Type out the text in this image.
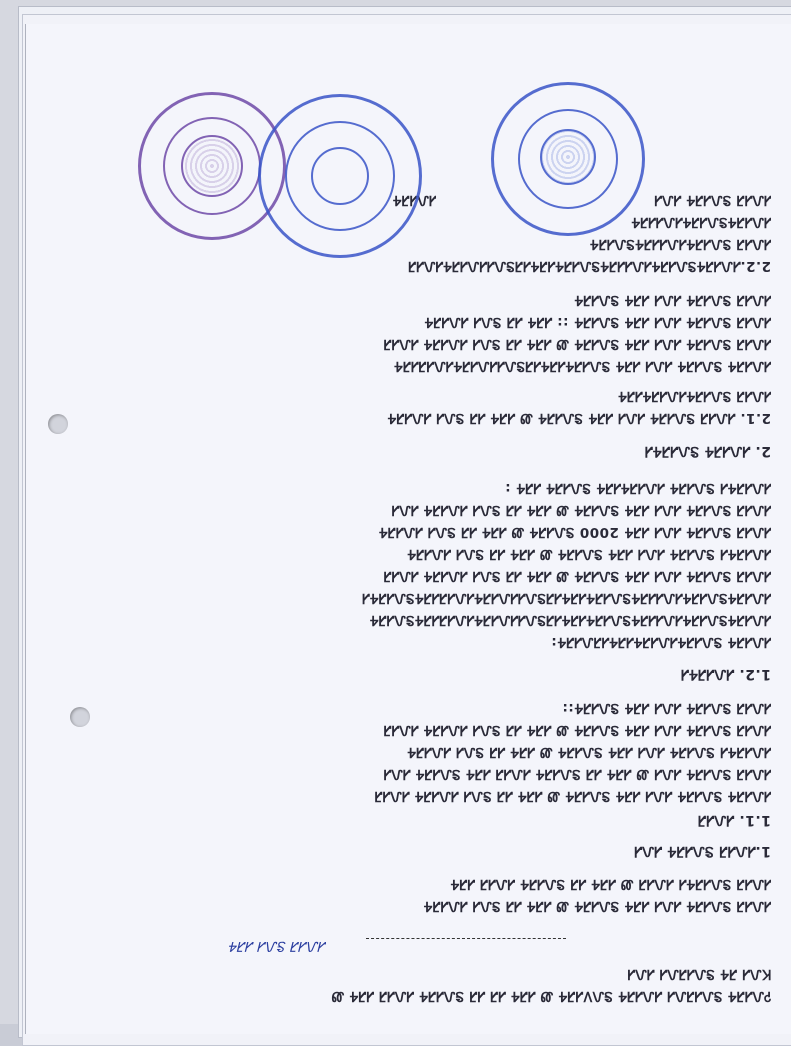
ᎮᏁᏗᏘᏎ ᏕᏁᏗᏘᏁᏗ ᏗᏁᏗᏘᏎ ᏕᏁᏙᏗᏘᏎ Ꮺ ᏗᏘᏎ ᏗᏘ ᏗᏘ ᏕᏁᏗᏘᏎ ᏗᏁᏗᏘ ᏗᏘᏎ Ꮺ
ᏦᏁᏗ ᏘᏎ ᏕᏁᏗᏘᏁᏗ ᏗᏁᏗ
ᏗᏁᏗᏘ ᏕᏁᏗ ᏗᏘᏎ
ᏗᏁᏗᏘ ᏕᏁᏗᏘᏎ ᏗᏁᏗ ᏗᏘᏎ ᏕᏁᏗᏘᏎ Ꮺ ᏗᏘᏎ ᏗᏘ ᏕᏁᏗ ᏗᏁᏗᏘᏎ
ᏗᏁᏗᏘ ᏕᏁᏗᏘᏎᏗ ᏗᏁᏗᏘ Ꮺ ᏗᏘᏎ ᏗᏘ ᏕᏁᏗᏘᏎ ᏗᏁᏗᏘ ᏗᏘᏎ
1.ᏗᏁᏗᏘ ᏕᏁᏗᏘᏎ ᏗᏁᏗ
1.1. ᏗᏁᏗᏘ
ᏗᏁᏗᏘᏎ ᏕᏁᏗᏘᏎ ᏗᏁᏗ ᏗᏘᏎ ᏕᏁᏗᏘᏎ Ꮺ ᏗᏘᏎ ᏗᏘ ᏕᏁᏗ ᏗᏁᏗᏘᏎ ᏗᏁᏗᏘ
ᏗᏁᏗᏘ ᏕᏁᏗᏘᏎ ᏗᏁᏗ Ꮺ ᏗᏘᏎ ᏗᏘ ᏕᏁᏗᏘᏎ ᏗᏁᏗᏘ ᏗᏘᏎ ᏕᏁᏗᏘᏎ ᏗᏁᏗ
ᏗᏁᏗᏘᏎᏗ ᏕᏁᏗᏘᏎ ᏗᏁᏗ ᏗᏘᏎ ᏕᏁᏗᏘᏎ Ꮺ ᏗᏘᏎ ᏗᏘ ᏕᏁᏗ ᏗᏁᏗᏘᏎ
ᏗᏁᏗᏘ ᏕᏁᏗᏘᏎ ᏗᏁᏗ ᏗᏘᏎ ᏕᏁᏗᏘᏎ Ꮺ ᏗᏘᏎ ᏗᏘ ᏕᏁᏗ ᏗᏁᏗᏘᏎ ᏗᏁᏗᏘ
ᏗᏁᏗᏘ ᏕᏁᏗᏘᏎ ᏗᏁᏗ ᏗᏘᏎ ᏕᏁᏗᏘᏎ::
1.2. ᏗᏁᏗᏘᏎᏗ
ᏗᏁᏗᏘᏎ ᏕᏁᏗᏘᏎᏗᏁᏗᏘᏎᏗᏘᏎᏗᏘᏁᏗᏘᏎ:
ᏗᏁᏗᏘᏎᏕᏁᏗᏘᏎᏗᏁᏗᏗᏘᏎᏕᏁᏗᏘᏎᏗᏘᏎᏗᏘᏕᏁᏗᏗᏁᏗᏘᏎᏗᏁᏗᏘᏗᏘᏎᏕᏁᏗᏘᏎ
ᏗᏁᏗᏘᏎᏕᏁᏗᏘᏎᏗᏁᏗᏗᏘᏎᏕᏁᏗᏘᏎᏗᏘᏎᏗᏘᏕᏁᏗᏗᏁᏗᏘᏎᏗᏁᏗᏘᏗᏘᏎᏕᏁᏗᏘᏎᏗ
ᏗᏁᏗᏘ ᏕᏁᏗᏘᏎ ᏗᏁᏗ ᏗᏘᏎ ᏕᏁᏗᏘᏎ Ꮺ ᏗᏘᏎ ᏗᏘ ᏕᏁᏗ ᏗᏁᏗᏘᏎ ᏗᏁᏗᏘ
ᏗᏁᏗᏘᏎᏗ ᏕᏁᏗᏘᏎ ᏗᏁᏗ ᏗᏘᏎ ᏕᏁᏗᏘᏎ Ꮺ ᏗᏘᏎ ᏗᏘ ᏕᏁᏗ ᏗᏁᏗᏘᏎ
ᏗᏁᏗᏘ ᏕᏁᏗᏘᏎ ᏗᏁᏗ ᏗᏘᏎ 2000 ᏕᏁᏗᏘᏎ Ꮺ ᏗᏘᏎ ᏗᏘ ᏕᏁᏗ ᏗᏁᏗᏘᏎ
ᏗᏁᏗᏘ ᏕᏁᏗᏘᏎ ᏗᏁᏗ ᏗᏘᏎ ᏕᏁᏗᏘᏎ Ꮺ ᏗᏘᏎ ᏗᏘ ᏕᏁᏗ ᏗᏁᏗᏘᏎ ᏗᏁᏗ
ᏗᏁᏗᏘᏎᏗ ᏕᏁᏗᏘᏎ ᏗᏁᏗᏘᏎᏗᏘᏎ ᏕᏁᏗᏘᏎ ᏗᏘᏎ :
2. ᏗᏁᏗᏘᏎ ᏕᏁᏗᏘᏎᏗ
2.1. ᏗᏁᏗᏘ ᏕᏁᏗᏘᏎ ᏗᏁᏗ ᏗᏘᏎ ᏕᏁᏗᏘᏎ Ꮺ ᏗᏘᏎ ᏗᏘ ᏕᏁᏗ ᏗᏁᏗᏘᏎ
ᏗᏁᏗᏘ ᏕᏁᏗᏘᏎᏗᏁᏗᏘᏎᏗᏘᏎ
ᏗᏁᏗᏘᏎ ᏕᏁᏗᏘᏎ ᏗᏁᏗ ᏗᏘᏎ ᏕᏁᏗᏘᏎᏗᏘᏎᏗᏘᏕᏁᏗᏗᏁᏗᏘᏎᏗᏁᏗᏘᏗᏘᏎ
ᏗᏁᏗᏘ ᏕᏁᏗᏘᏎ ᏗᏁᏗ ᏗᏘᏎ ᏕᏁᏗᏘᏎ Ꮺ ᏗᏘᏎ ᏗᏘ ᏕᏁᏗ ᏗᏁᏗᏘᏎ ᏗᏁᏗᏘ
ᏗᏁᏗᏘ ᏕᏁᏗᏘᏎ ᏗᏁᏗ ᏗᏘᏎ ᏕᏁᏗᏘᏎ :: ᏗᏘᏎ ᏗᏘ ᏕᏁᏗ ᏗᏁᏗᏘᏎ
ᏗᏁᏗᏘ ᏕᏁᏗᏘᏎ ᏗᏁᏗ ᏗᏘᏎ ᏕᏁᏗᏘᏎ
2.2.ᏗᏁᏗᏘᏎᏕᏁᏗᏘᏎᏗᏁᏗᏗᏘᏎᏕᏁᏗᏘᏎᏗᏘᏎᏗᏘᏕᏁᏗᏗᏁᏗᏘᏎᏗᏁᏗᏘ
ᏗᏁᏗᏘ ᏕᏁᏗᏘᏎᏗᏁᏗᏗᏘᏎᏕᏁᏗᏘᏎ
ᏗᏁᏗᏘᏎᏕᏁᏗᏘᏎᏗᏁᏗᏗᏘᏎ
ᏗᏁᏗᏘ ᏕᏁᏗᏘᏎ ᏗᏁᏗ
ᏗᏁᏗᏘᏎ
